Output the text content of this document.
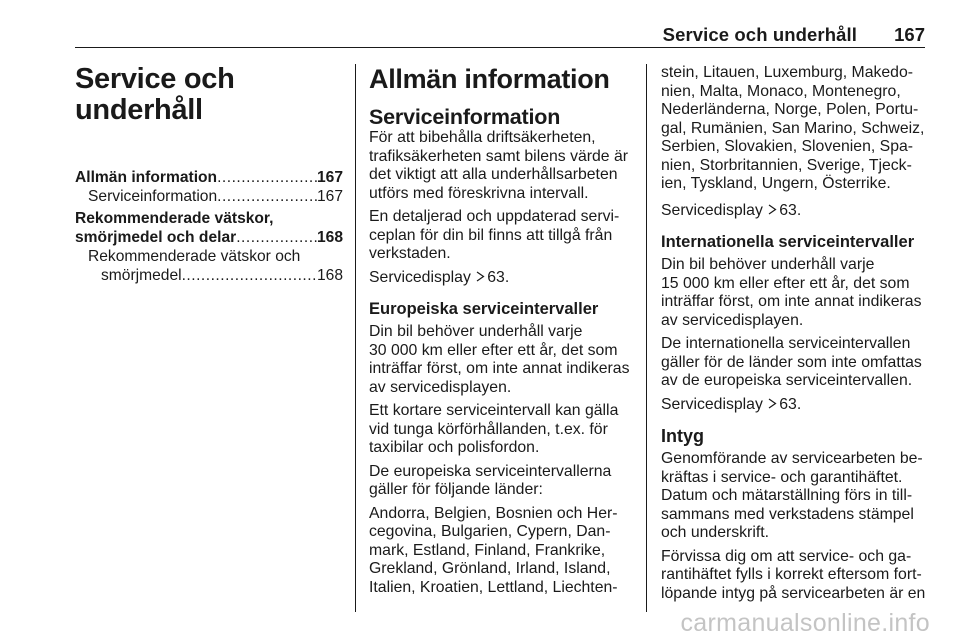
Service och underhåll 167
Service och
underhåll
Allmän information .....	167
Serviceinformation .....	167
Rekommenderade vätskor,
smörjmedel och delar .....	168
Rekommenderade vätskor och
smörjmedel .....	168
Allmän information
Serviceinformation
För att bibehålla driftsäkerheten,
trafiksäkerheten samt bilens värde är
det viktigt att alla underhållsarbeten
utförs med föreskrivna intervall.
En detaljerad och uppdaterad servi-
ceplan för din bil finns att tillgå från
verkstaden.
Servicedisplay 63.
Europeiska serviceintervaller
Din bil behöver underhåll varje
30 000 km eller efter ett år, det som
inträffar först, om inte annat indikeras
av servicedisplayen.
Ett kortare serviceintervall kan gälla
vid tunga körförhållanden, t.ex. för
taxibilar och polisfordon.
De europeiska serviceintervallerna
gäller för följande länder:
Andorra, Belgien, Bosnien och Her-
cegovina, Bulgarien, Cypern, Dan-
mark, Estland, Finland, Frankrike,
Grekland, Grönland, Irland, Island,
Italien, Kroatien, Lettland, Liechten-
stein, Litauen, Luxemburg, Makedo-
nien, Malta, Monaco, Montenegro,
Nederländerna, Norge, Polen, Portu-
gal, Rumänien, San Marino, Schweiz,
Serbien, Slovakien, Slovenien, Spa-
nien, Storbritannien, Sverige, Tjeck-
ien, Tyskland, Ungern, Österrike.
Servicedisplay 63.
Internationella serviceintervaller
Din bil behöver underhåll varje
15 000 km eller efter ett år, det som
inträffar först, om inte annat indikeras
av servicedisplayen.
De internationella serviceintervallen
gäller för de länder som inte omfattas
av de europeiska serviceintervallen.
Servicedisplay 63.
Intyg
Genomförande av servicearbeten be-
kräftas i service- och garantihäftet.
Datum och mätarställning förs in till-
sammans med verkstadens stämpel
och underskrift.
Förvissa dig om att service- och ga-
rantihäftet fylls i korrekt eftersom fort-
löpande intyg på servicearbeten är en
carmanualsonline.info
